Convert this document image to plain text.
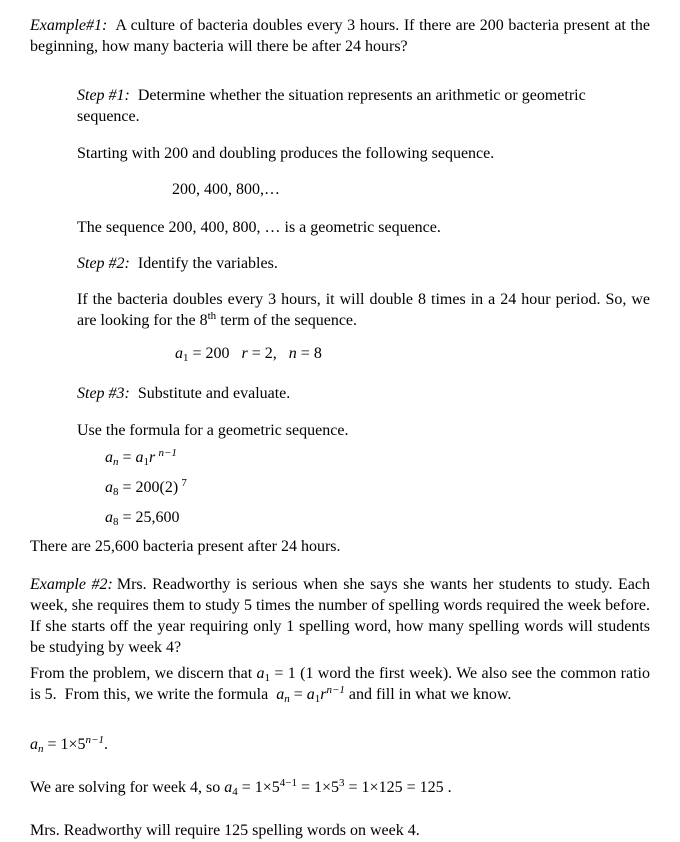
Example#1: A culture of bacteria doubles every 3 hours. If there are 200 bacteria present at the beginning, how many bacteria will there be after 24 hours?

Step #1: Determine whether the situation represents an arithmetic or geometric sequence.

Starting with 200 and doubling produces the following sequence.

200, 400, 800,…

The sequence 200, 400, 800, … is a geometric sequence.

Step #2: Identify the variables.

If the bacteria doubles every 3 hours, it will double 8 times in a 24 hour period. So, we are looking for the 8th term of the sequence.

$a_1 = 200$   r = 2,   n = 8

Step #3: Substitute and evaluate.

Use the formula for a geometric sequence.

$a_n = a_1r$  $^{n-1}$

$a_8 = 200(2)$  $^7$

$a_8 = 25,600$

There are 25,600 bacteria present after 24 hours.

Example #2: Mrs. Readworthy is serious when she says she wants her students to study. Each week, she requires them to study 5 times the number of spelling words required the week before. If she starts off the year requiring only 1 spelling word, how many spelling words will students be studying by week 4?

From the problem, we discern that $a_1 = 1$ (1 word the first week). We also see the common ratio is 5.  From this, we write the formula  $a_n = a_1r^{n-1}$ and fill in what we know.

$a_n = 1\times 5^{n-1}$.

We are solving for week 4, so $a_4 = 1\times 5^{4-1} = 1\times 5^3 = 1\times 125 = 125$ .

Mrs. Readworthy will require 125 spelling words on week 4.
